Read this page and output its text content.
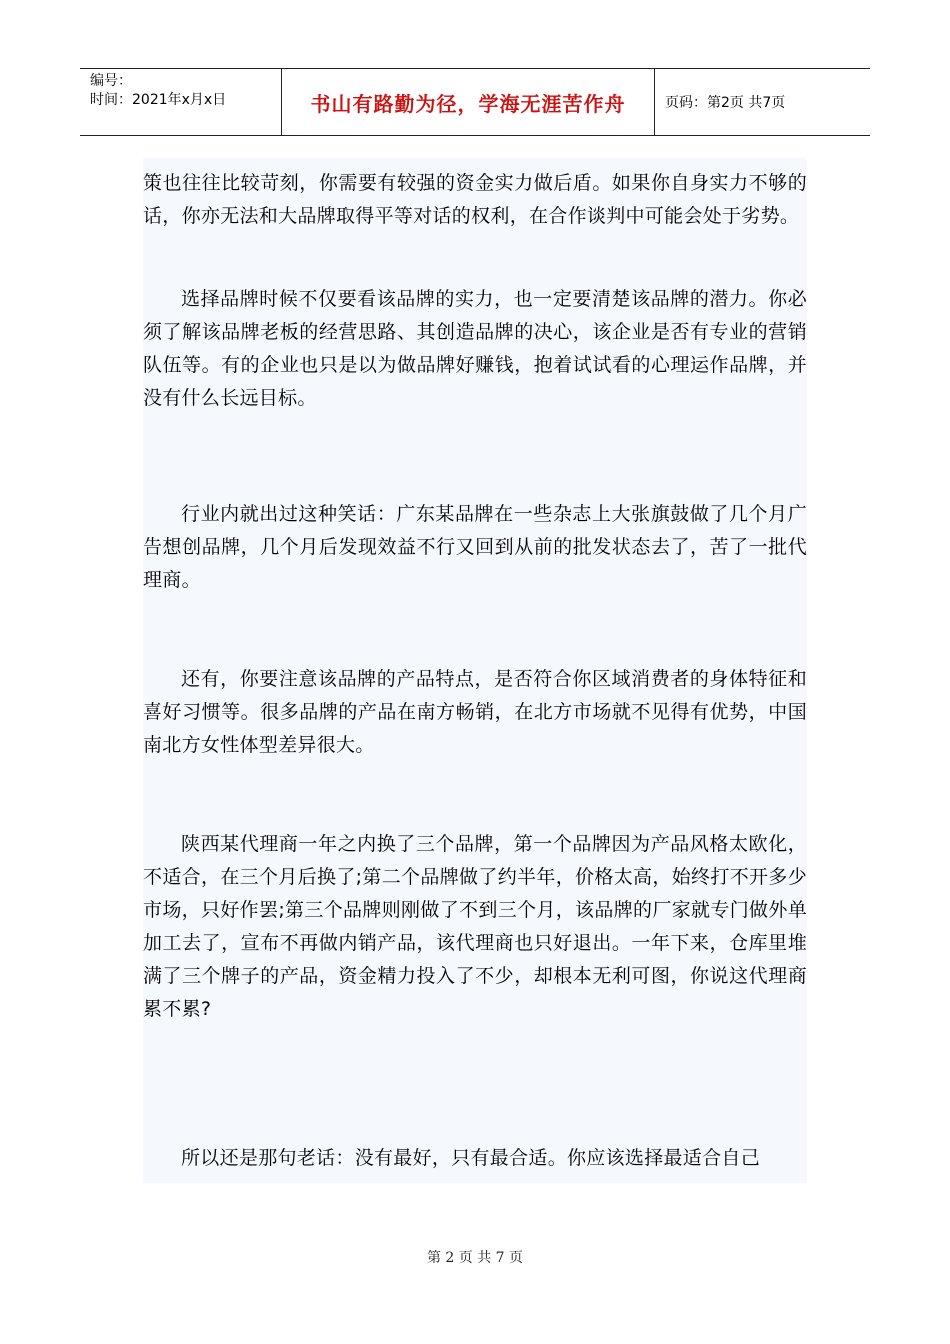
编号：
时间：2021年x月x日	书山有路勤为径，学海无涯苦作舟	页码：第2页 共7页

策也往往比较苛刻，你需要有较强的资金实力做后盾。如果你自身实力不够的话，你亦无法和大品牌取得平等对话的权利，在合作谈判中可能会处于劣势。

选择品牌时候不仅要看该品牌的实力，也一定要清楚该品牌的潜力。你必须了解该品牌老板的经营思路、其创造品牌的决心，该企业是否有专业的营销队伍等。有的企业也只是以为做品牌好赚钱，抱着试试看的心理运作品牌，并没有什么长远目标。

行业内就出过这种笑话：广东某品牌在一些杂志上大张旗鼓做了几个月广告想创品牌，几个月后发现效益不行又回到从前的批发状态去了，苦了一批代理商。

还有，你要注意该品牌的产品特点，是否符合你区域消费者的身体特征和喜好习惯等。很多品牌的产品在南方畅销，在北方市场就不见得有优势，中国南北方女性体型差异很大。

陕西某代理商一年之内换了三个品牌，第一个品牌因为产品风格太欧化，不适合，在三个月后换了;第二个品牌做了约半年，价格太高，始终打不开多少市场，只好作罢;第三个品牌则刚做了不到三个月，该品牌的厂家就专门做外单加工去了，宣布不再做内销产品，该代理商也只好退出。一年下来，仓库里堆满了三个牌子的产品，资金精力投入了不少，却根本无利可图，你说这代理商累不累?

所以还是那句老话：没有最好，只有最合适。你应该选择最适合自己

第 2 页 共 7 页
